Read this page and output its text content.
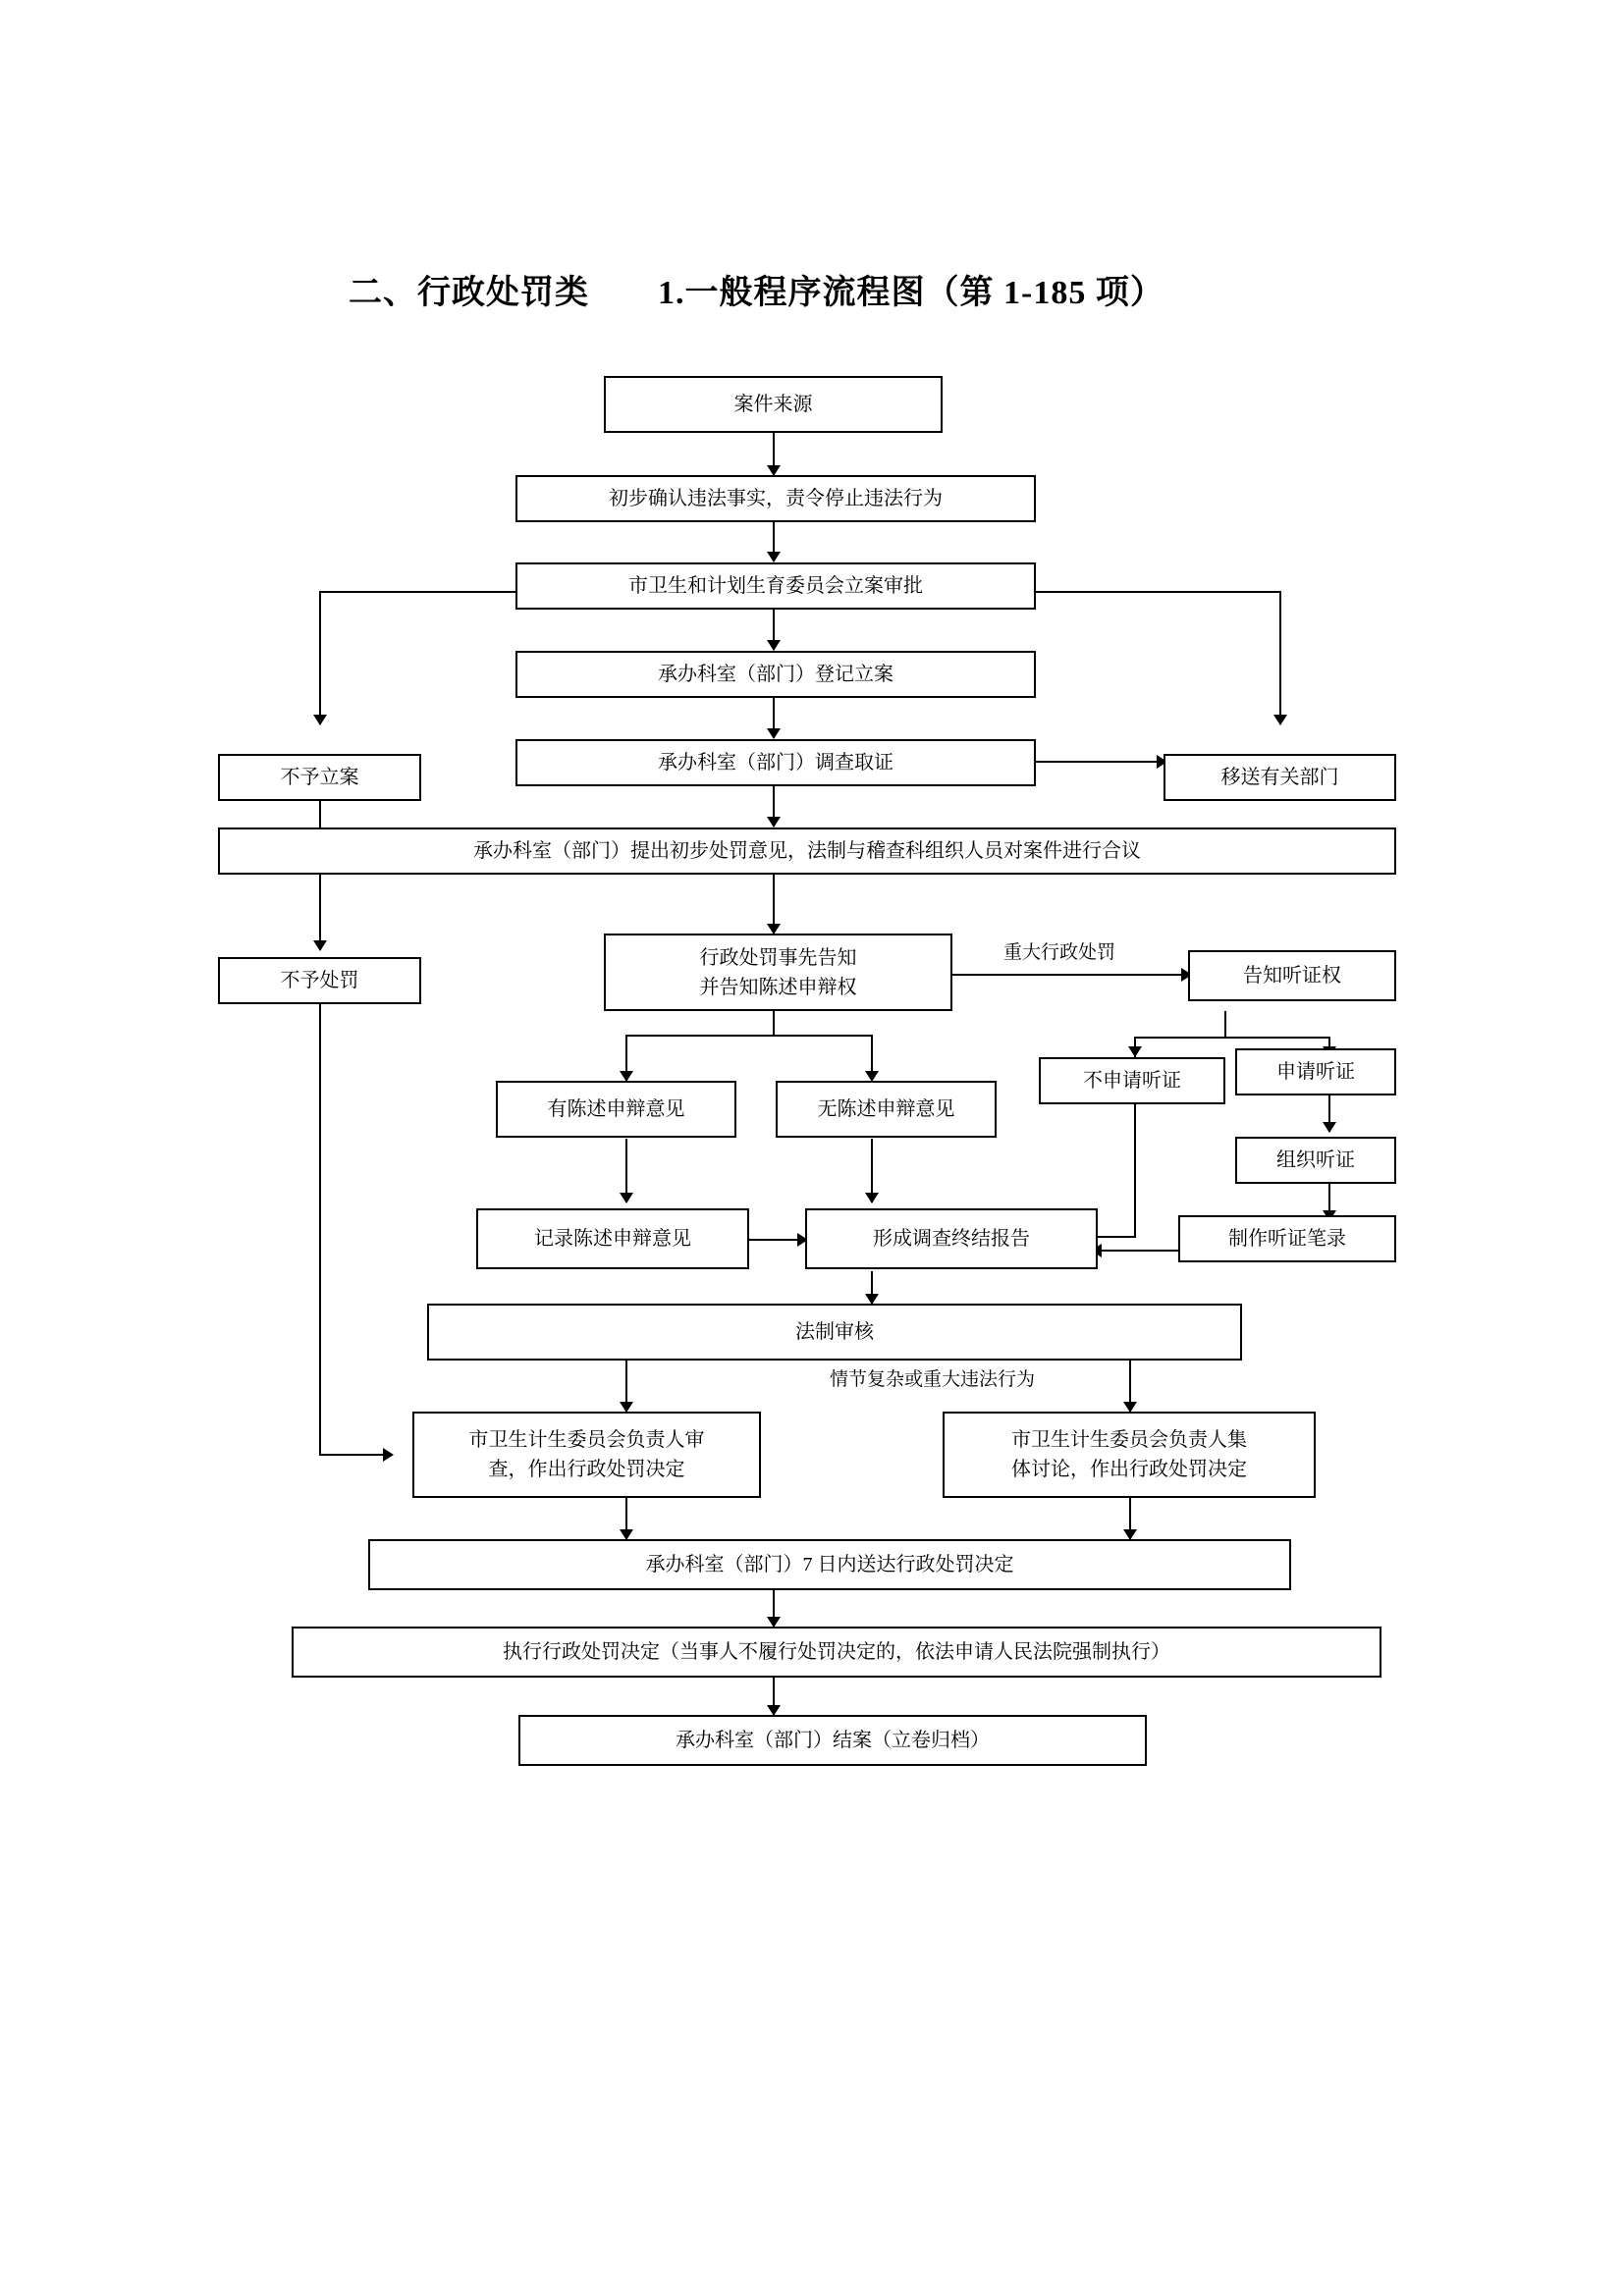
二、行政处罚类 1.一般程序流程图（第 1-185 项）
重大行政处罚
情节复杂或重大违法行为
案件来源
初步确认违法事实，责令停止违法行为
市卫生和计划生育委员会立案审批
承办科室（部门）登记立案
承办科室（部门）调查取证
不予立案	移送有关部门
承办科室（部门）提出初步处罚意见，法制与稽查科组织人员对案件进行合议
不予处罚
行政处罚事先告知
并告知陈述申辩权
告知听证权
不申请听证	申请听证
组织听证
制作听证笔录
有陈述申辩意见	无陈述申辩意见
记录陈述申辩意见	形成调查终结报告
法制审核
市卫生计生委员会负责人审
查，作出行政处罚决定
市卫生计生委员会负责人集
体讨论，作出行政处罚决定
承办科室（部门）7 日内送达行政处罚决定
执行行政处罚决定（当事人不履行处罚决定的，依法申请人民法院强制执行）
承办科室（部门）结案（立卷归档）
